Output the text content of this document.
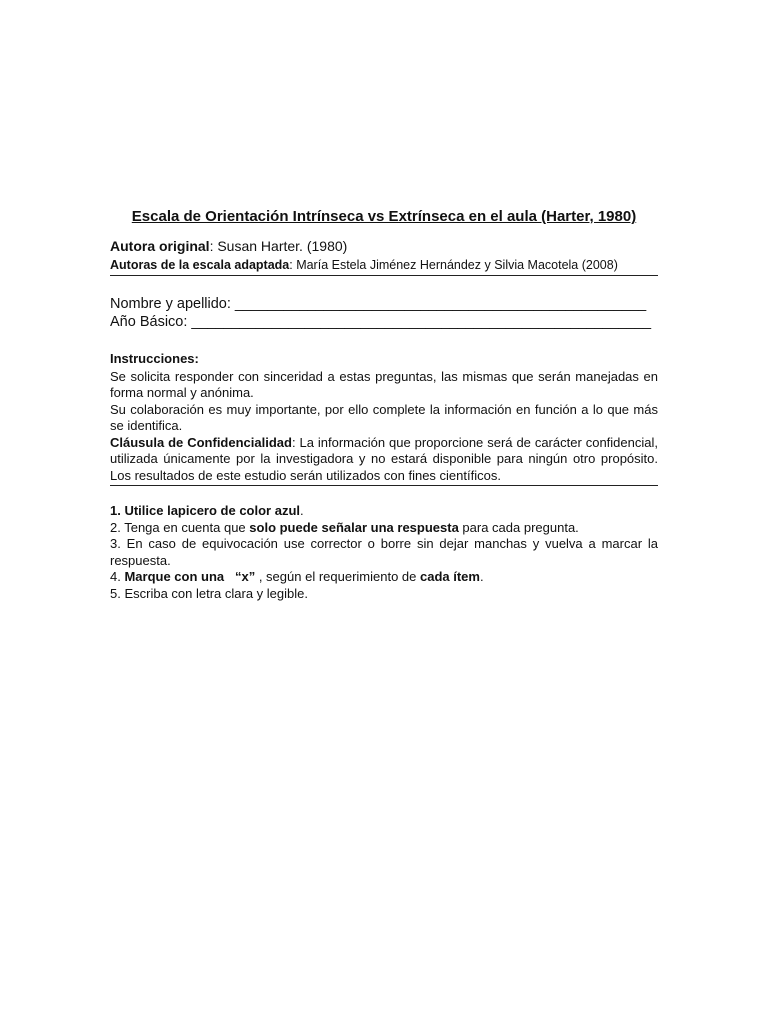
Escala de Orientación Intrínseca vs Extrínseca en el aula (Harter, 1980)
Autora original: Susan Harter. (1980)
Autoras de la escala adaptada: María Estela Jiménez Hernández y Silvia Macotela (2008)
Nombre y apellido: ___________________________________________________
Año Básico: _________________________________________________________

Instrucciones:

Se solicita responder con sinceridad a estas preguntas, las mismas que serán manejadas en forma normal y anónima.

Su colaboración es muy importante, por ello complete la información en función a lo que más se identifica.

Cláusula de Confidencialidad: La información que proporcione será de carácter confidencial, utilizada únicamente por la investigadora y no estará disponible para ningún otro propósito. Los resultados de este estudio serán utilizados con fines científicos.

1. Utilice lapicero de color azul.

2. Tenga en cuenta que solo puede señalar una respuesta para cada pregunta.

3. En caso de equivocación use corrector o borre sin dejar manchas y vuelva a marcar la respuesta.

4. Marque con una   “x” , según el requerimiento de cada ítem.

5. Escriba con letra clara y legible.
